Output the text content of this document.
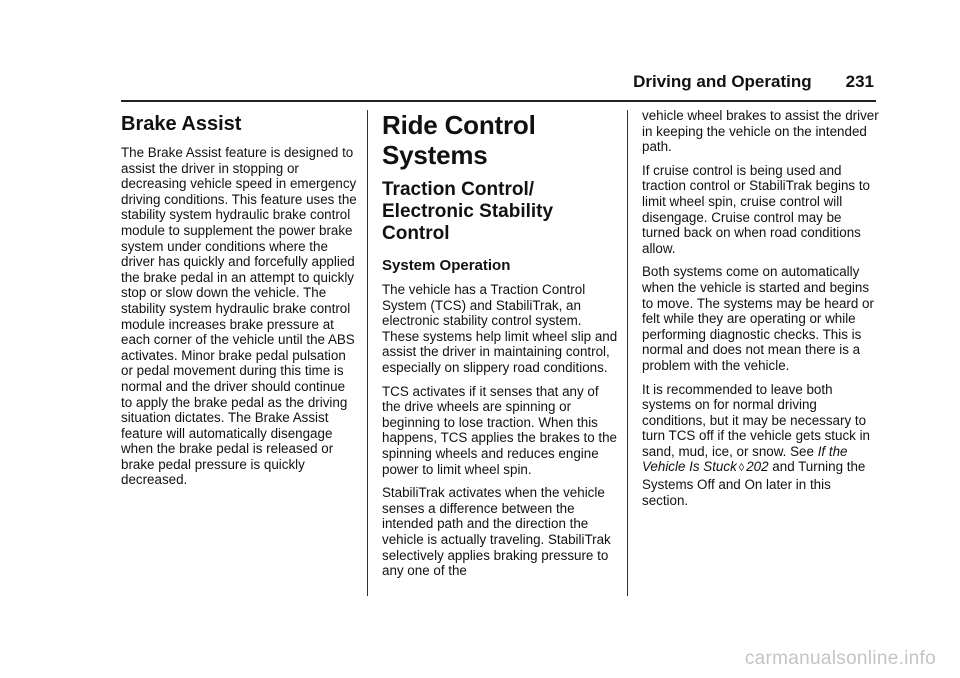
Driving and Operating 231
Brake Assist

The Brake Assist feature is designed to assist the driver in stopping or decreasing vehicle speed in emergency driving conditions. This feature uses the stability system hydraulic brake control module to supplement the power brake system under conditions where the driver has quickly and forcefully applied the brake pedal in an attempt to quickly stop or slow down the vehicle. The stability system hydraulic brake control module increases brake pressure at each corner of the vehicle until the ABS activates. Minor brake pedal pulsation or pedal movement during this time is normal and the driver should continue to apply the brake pedal as the driving situation dictates. The Brake Assist feature will automatically disengage when the brake pedal is released or brake pedal pressure is quickly decreased.

Ride Control Systems
Traction Control/ Electronic Stability Control
System Operation

The vehicle has a Traction Control System (TCS) and StabiliTrak, an electronic stability control system. These systems help limit wheel slip and assist the driver in maintaining control, especially on slippery road conditions.

TCS activates if it senses that any of the drive wheels are spinning or beginning to lose traction. When this happens, TCS applies the brakes to the spinning wheels and reduces engine power to limit wheel spin.

StabiliTrak activates when the vehicle senses a difference between the intended path and the direction the vehicle is actually traveling. StabiliTrak selectively applies braking pressure to any one of the

vehicle wheel brakes to assist the driver in keeping the vehicle on the intended path.

If cruise control is being used and traction control or StabiliTrak begins to limit wheel spin, cruise control will disengage. Cruise control may be turned back on when road conditions allow.

Both systems come on automatically when the vehicle is started and begins to move. The systems may be heard or felt while they are operating or while performing diagnostic checks. This is normal and does not mean there is a problem with the vehicle.

It is recommended to leave both systems on for normal driving conditions, but it may be necessary to turn TCS off if the vehicle gets stuck in sand, mud, ice, or snow. See If the Vehicle Is Stuck ◊ 202 and Turning the Systems Off and On later in this section.

carmanualsonline.info
